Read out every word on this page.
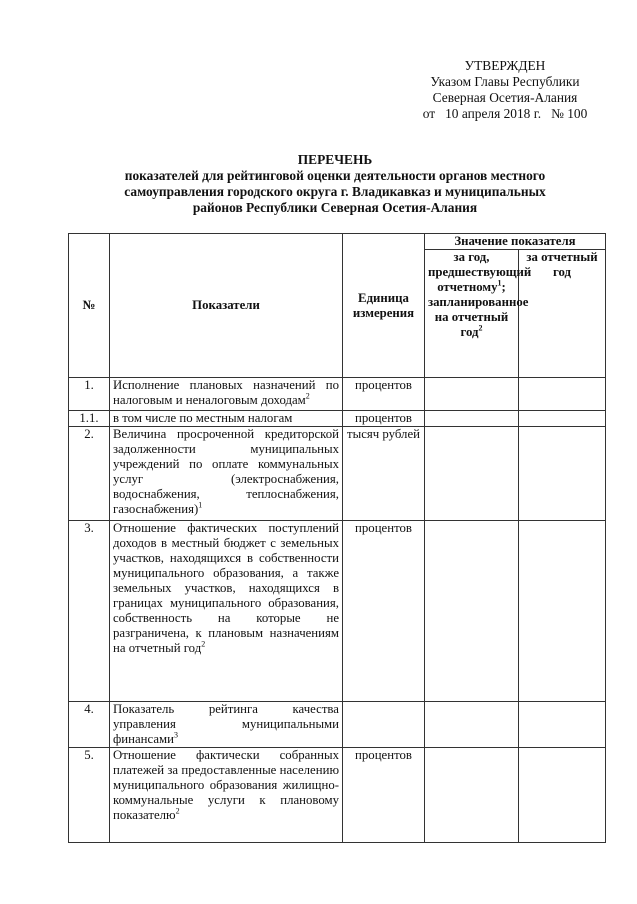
УТВЕРЖДЕН
Указом Главы Республики
Северная Осетия-Алания
от   10 апреля 2018 г.   № 100
ПЕРЕЧЕНЬ
показателей для рейтинговой оценки деятельности органов местного самоуправления городского округа г. Владикавказ и муниципальных районов Республики Северная Осетия-Алания
№	Показатели	Единица измерения	Значение показателя	
			за год, предшествующий отчетному$^1$; запланированное на отчетный год$^2$	за отчетный год
1.	Исполнение плановых назначений по налоговым и неналоговым доходам$^2$	процентов		
1.1.	в том числе по местным налогам	процентов		
2.	Величина просроченной кредиторской задолженности муниципальных учреждений по оплате коммунальных услуг (электроснабжения, водоснабжения, теплоснабжения, газоснабжения)$^1$	тысяч рублей		
3.	Отношение фактических поступлений доходов в местный бюджет с земельных участков, находящихся в собственности муниципального образования, а также земельных участков, находящихся в границах муниципального образования, собственность на которые не разграничена, к плановым назначениям на отчетный год$^2$	процентов		
4.	Показатель рейтинга качества управления муниципальными финансами$^3$			
5.	Отношение фактически собранных платежей за предоставленные населению муниципального образования жилищно-коммунальные услуги к плановому показателю$^2$	процентов		
